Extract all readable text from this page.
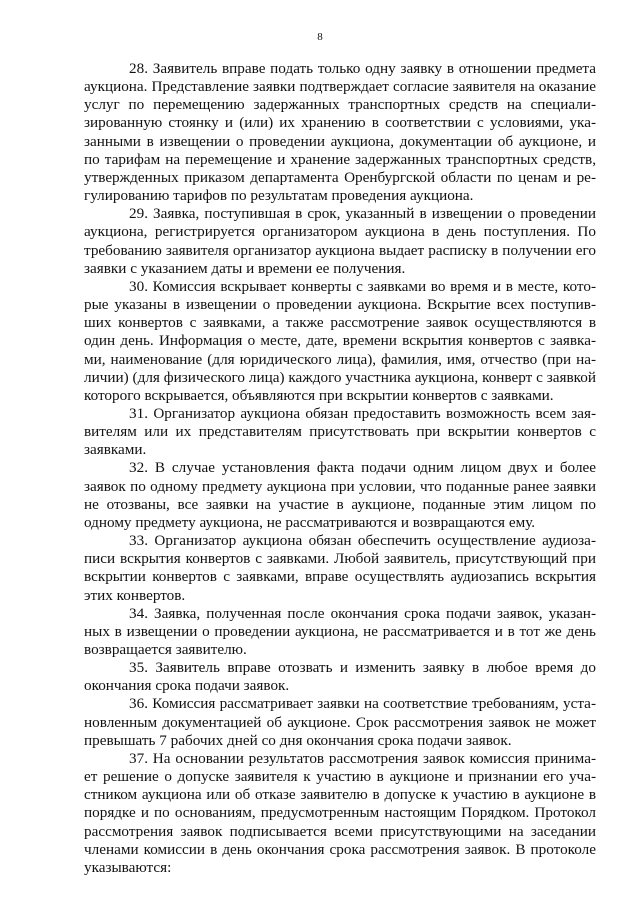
8

28. Заявитель вправе подать только одну заявку в отношении предмета аукциона. Представление заявки подтверждает согласие заявителя на оказание услуг по перемещению задержанных транспортных средств на специализированную стоянку и (или) их хранению в соответствии с условиями, указанными в извещении о проведении аукциона, документации об аукционе, и по тарифам на перемещение и хранение задержанных транспортных средств, утвержденных приказом департамента Оренбургской области по ценам и регулированию тарифов по результатам проведения аукциона.

29. Заявка, поступившая в срок, указанный в извещении о проведении аукциона, регистрируется организатором аукциона в день поступления. По требованию заявителя организатор аукциона выдает расписку в получении его заявки с указанием даты и времени ее получения.

30. Комиссия вскрывает конверты с заявками во время и в месте, которые указаны в извещении о проведении аукциона. Вскрытие всех поступивших конвертов с заявками, а также рассмотрение заявок осуществляются в один день. Информация о месте, дате, времени вскрытия конвертов с заявками, наименование (для юридического лица), фамилия, имя, отчество (при наличии) (для физического лица) каждого участника аукциона, конверт с заявкой которого вскрывается, объявляются при вскрытии конвертов с заявками.

31. Организатор аукциона обязан предоставить возможность всем заявителям или их представителям присутствовать при вскрытии конвертов с заявками.

32. В случае установления факта подачи одним лицом двух и более заявок по одному предмету аукциона при условии, что поданные ранее заявки не отозваны, все заявки на участие в аукционе, поданные этим лицом по одному предмету аукциона, не рассматриваются и возвращаются ему.

33. Организатор аукциона обязан обеспечить осуществление аудиозаписи вскрытия конвертов с заявками. Любой заявитель, присутствующий при вскрытии конвертов с заявками, вправе осуществлять аудиозапись вскрытия этих конвертов.

34. Заявка, полученная после окончания срока подачи заявок, указанных в извещении о проведении аукциона, не рассматривается и в тот же день возвращается заявителю.

35. Заявитель вправе отозвать и изменить заявку в любое время до окончания срока подачи заявок.

36. Комиссия рассматривает заявки на соответствие требованиям, установленным документацией об аукционе. Срок рассмотрения заявок не может превышать 7 рабочих дней со дня окончания срока подачи заявок.

37. На основании результатов рассмотрения заявок комиссия принимает решение о допуске заявителя к участию в аукционе и признании его участником аукциона или об отказе заявителю в допуске к участию в аукционе в порядке и по основаниям, предусмотренным настоящим Порядком. Протокол рассмотрения заявок подписывается всеми присутствующими на заседании членами комиссии в день окончания срока рассмотрения заявок. В протоколе указываются:
